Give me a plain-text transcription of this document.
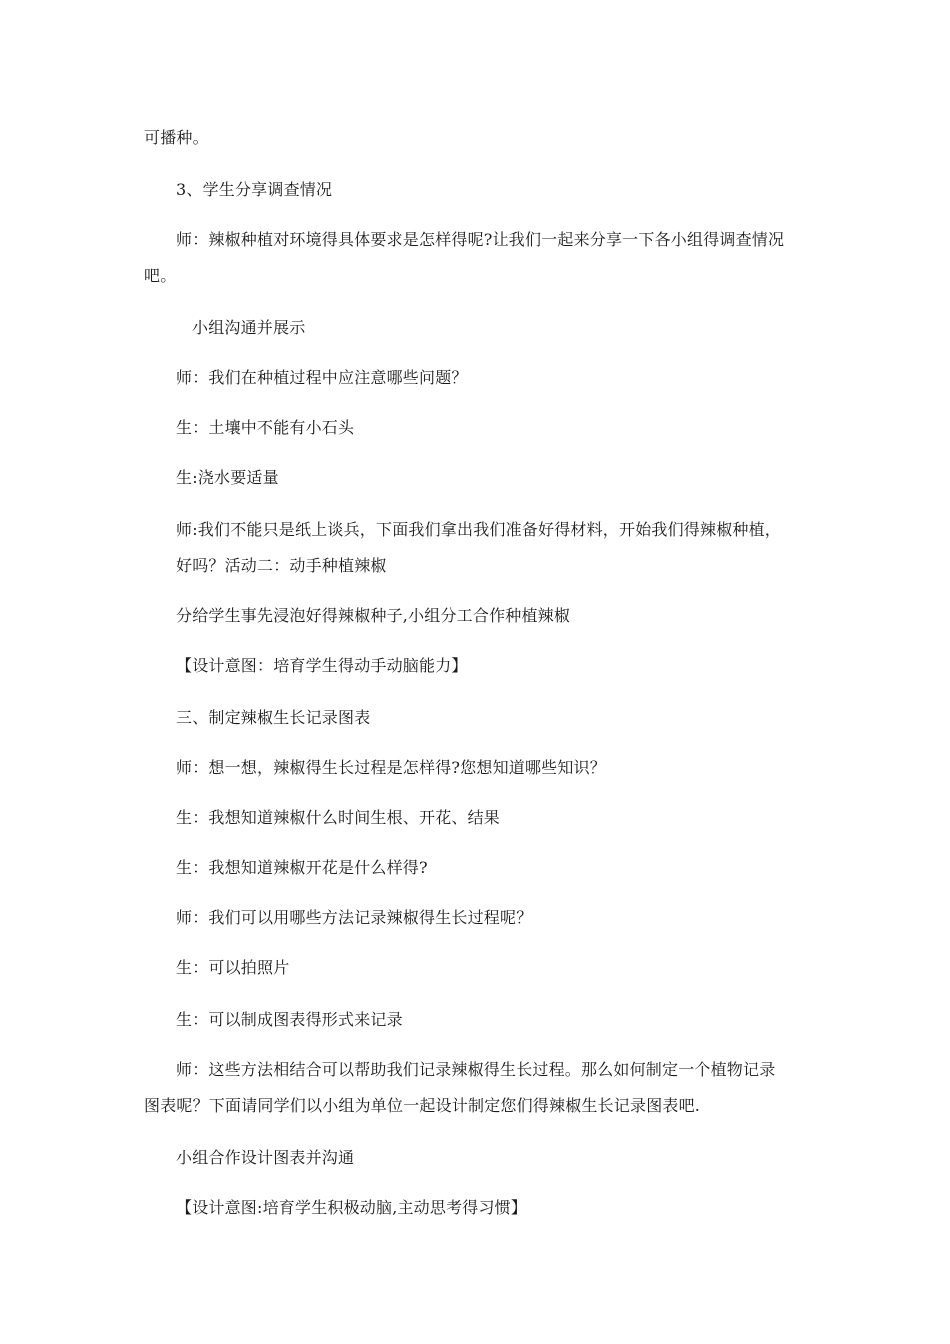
可播种。

3、学生分享调查情况

师：辣椒种植对环境得具体要求是怎样得呢?让我们一起来分享一下各小组得调查情况

吧。

小组沟通并展示

师：我们在种植过程中应注意哪些问题？

生：土壤中不能有小石头

生:浇水要适量

师:我们不能只是纸上谈兵，下面我们拿出我们准备好得材料，开始我们得辣椒种植，

好吗？活动二：动手种植辣椒

分给学生事先浸泡好得辣椒种子,小组分工合作种植辣椒

【设计意图：培育学生得动手动脑能力】

三、制定辣椒生长记录图表

师：想一想，辣椒得生长过程是怎样得?您想知道哪些知识？

生：我想知道辣椒什么时间生根、开花、结果

生：我想知道辣椒开花是什么样得?

师：我们可以用哪些方法记录辣椒得生长过程呢？

生：可以拍照片

生：可以制成图表得形式来记录

师：这些方法相结合可以帮助我们记录辣椒得生长过程。那么如何制定一个植物记录

图表呢？下面请同学们以小组为单位一起设计制定您们得辣椒生长记录图表吧.

小组合作设计图表并沟通

【设计意图:培育学生积极动脑,主动思考得习惯】
